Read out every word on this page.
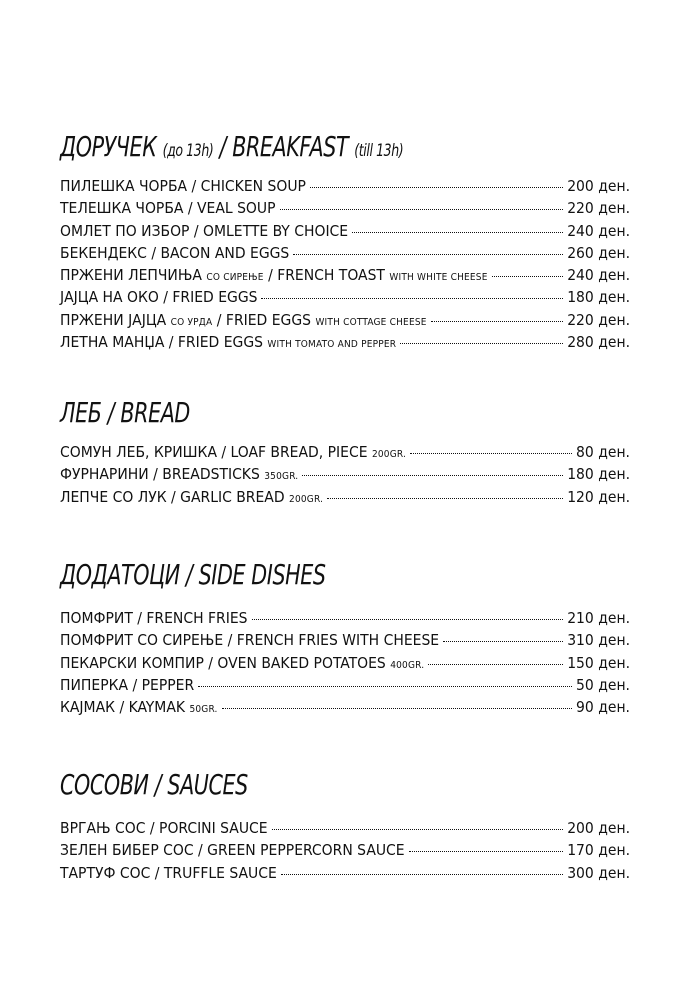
ДОРУЧЕК (до 13h) / BREAKFAST (till 13h)
ПИЛЕШКА ЧОРБА / CHICKEN SOUP	200 ден.
ТЕЛЕШКА ЧОРБА / VEAL SOUP	220 ден.
ОМЛЕТ ПО ИЗБОР / OMLETTE BY CHOICE	240 ден.
БЕКЕНДЕКС / BACON AND EGGS	260 ден.
ПРЖЕНИ ЛЕПЧИЊА СО СИРЕЊЕ / FRENCH TOAST WITH WHITE CHEESE	240 ден.
ЈАЈЦА НА ОКО / FRIED EGGS	180 ден.
ПРЖЕНИ ЈАЈЦА СО УРДА / FRIED EGGS WITH COTTAGE CHEESE	220 ден.
ЛЕТНА МАНЏА / FRIED EGGS WITH TOMATO AND PEPPER	280 ден.
ЛЕБ / BREAD
СОМУН ЛЕБ, КРИШКА / LOAF BREAD, PIECE 200GR.	80 ден.
ФУРНАРИНИ / BREADSTICKS 350GR.	180 ден.
ЛЕПЧЕ СО ЛУК / GARLIC BREAD 200GR.	120 ден.
ДОДАТОЦИ / SIDE DISHES
ПОМФРИТ / FRENCH FRIES	210 ден.
ПОМФРИТ СО СИРЕЊЕ / FRENCH FRIES WITH CHEESE	310 ден.
ПЕКАРСКИ КОМПИР / OVEN BAKED POTATOES 400GR.	150 ден.
ПИПЕРКА / PEPPER	50 ден.
КАЈМАК / KAYMAK 50GR.	90 ден.
СОСОВИ / SAUCES
ВРГАЊ СОС / PORCINI SAUCE	200 ден.
ЗЕЛЕН БИБЕР СОС / GREEN PEPPERCORN SAUCE	170 ден.
ТАРТУФ СОС / TRUFFLE SAUCE	300 ден.
